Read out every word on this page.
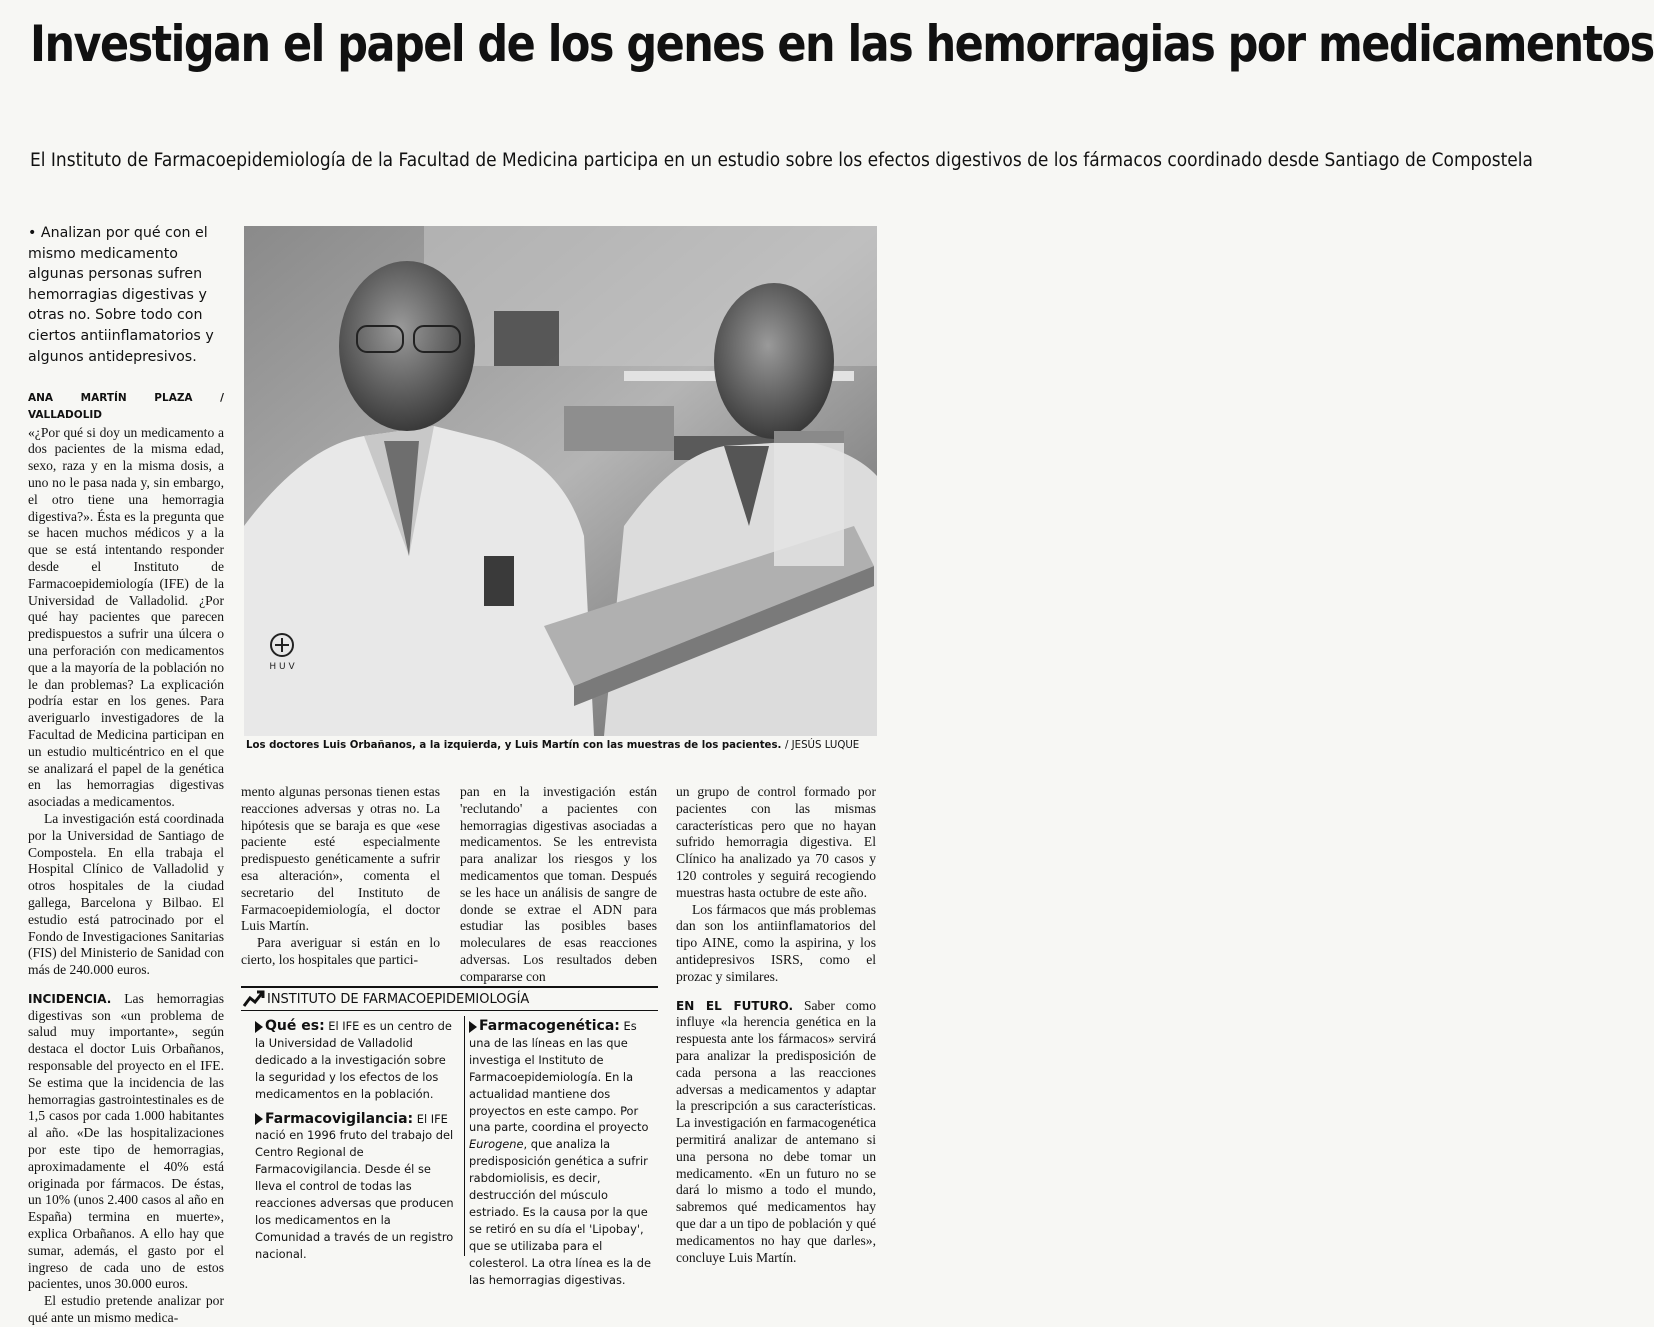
Investigan el papel de los genes en las hemorragias por medicamentos

El Instituto de Farmacoepidemiología de la Facultad de Medicina participa en un estudio sobre los efectos digestivos de los fármacos coordinado desde Santiago de Compostela

• Analizan por qué con el mismo medicamento algunas personas sufren hemorragias digestivas y otras no. Sobre todo con ciertos antiinflamatorios y algunos antidepresivos.

ANA MARTÍN PLAZA / VALLADOLID

«¿Por qué si doy un medicamento a dos pacientes de la misma edad, sexo, raza y en la misma dosis, a uno no le pasa nada y, sin embargo, el otro tiene una hemorragia digestiva?». Ésta es la pregunta que se hacen muchos médicos y a la que se está intentando responder desde el Instituto de Farmacoepidemiología (IFE) de la Universidad de Valladolid. ¿Por qué hay pacientes que parecen predispuestos a sufrir una úlcera o una perforación con medicamentos que a la mayoría de la población no le dan problemas? La explicación podría estar en los genes. Para averiguarlo investigadores de la Facultad de Medicina participan en un estudio multicéntrico en el que se analizará el papel de la genética en las hemorragias digestivas asociadas a medicamentos.

La investigación está coordinada por la Universidad de Santiago de Compostela. En ella trabaja el Hospital Clínico de Valladolid y otros hospitales de la ciudad gallega, Barcelona y Bilbao. El estudio está patrocinado por el Fondo de Investigaciones Sanitarias (FIS) del Ministerio de Sanidad con más de 240.000 euros.

INCIDENCIA. Las hemorragias digestivas son «un problema de salud muy importante», según destaca el doctor Luis Orbañanos, responsable del proyecto en el IFE. Se estima que la incidencia de las hemorragias gastrointestinales es de 1,5 casos por cada 1.000 habitantes al año. «De las hospitalizaciones por este tipo de hemorragias, aproximadamente el 40% está originada por fármacos. De éstas, un 10% (unos 2.400 casos al año en España) termina en muerte», explica Orbañanos. A ello hay que sumar, además, el gasto por el ingreso de cada uno de estos pacientes, unos 30.000 euros.

El estudio pretende analizar por qué ante un mismo medica-

mento algunas personas tienen estas reacciones adversas y otras no. La hipótesis que se baraja es que «ese paciente esté especialmente predispuesto genéticamente a sufrir esa alteración», comenta el secretario del Instituto de Farmacoepidemiología, el doctor Luis Martín.

Para averiguar si están en lo cierto, los hospitales que partici-

pan en la investigación están 'reclutando' a pacientes con hemorragias digestivas asociadas a medicamentos. Se les entrevista para analizar los riesgos y los medicamentos que toman. Después se les hace un análisis de sangre de donde se extrae el ADN para estudiar las posibles bases moleculares de esas reacciones adversas. Los resultados deben compararse con

un grupo de control formado por pacientes con las mismas características pero que no hayan sufrido hemorragia digestiva. El Clínico ha analizado ya 70 casos y 120 controles y seguirá recogiendo muestras hasta octubre de este año.

Los fármacos que más problemas dan son los antiinflamatorios del tipo AINE, como la aspirina, y los antidepresivos ISRS, como el prozac y similares.

EN EL FUTURO. Saber como influye «la herencia genética en la respuesta ante los fármacos» servirá para analizar la predisposición de cada persona a las reacciones adversas a medicamentos y adaptar la prescripción a sus características. La investigación en farmacogenética permitirá analizar de antemano si una persona no debe tomar un medicamento. «En un futuro no se dará lo mismo a todo el mundo, sabremos qué medicamentos hay que dar a un tipo de población y qué medicamentos no hay que darles», concluye Luis Martín.

H U V
Los doctores Luis Orbañanos, a la izquierda, y Luis Martín con las muestras de los pacientes. / JESÚS LUQUE
INSTITUTO DE FARMACOEPIDEMIOLOGÍA

Qué es: El IFE es un centro de la Universidad de Valladolid dedicado a la investigación sobre la seguridad y los efectos de los medicamentos en la población.

Farmacovigilancia: El IFE nació en 1996 fruto del trabajo del Centro Regional de Farmacovigilancia. Desde él se lleva el control de todas las reacciones adversas que producen los medicamentos en la Comunidad a través de un registro nacional.

Farmacogenética: Es una de las líneas en las que investiga el Instituto de Farmacoepidemiología. En la actualidad mantiene dos proyectos en este campo. Por una parte, coordina el proyecto Eurogene, que analiza la predisposición genética a sufrir rabdomiolisis, es decir, destrucción del músculo estriado. Es la causa por la que se retiró en su día el 'Lipobay', que se utilizaba para el colesterol. La otra línea es la de las hemorragias digestivas.
